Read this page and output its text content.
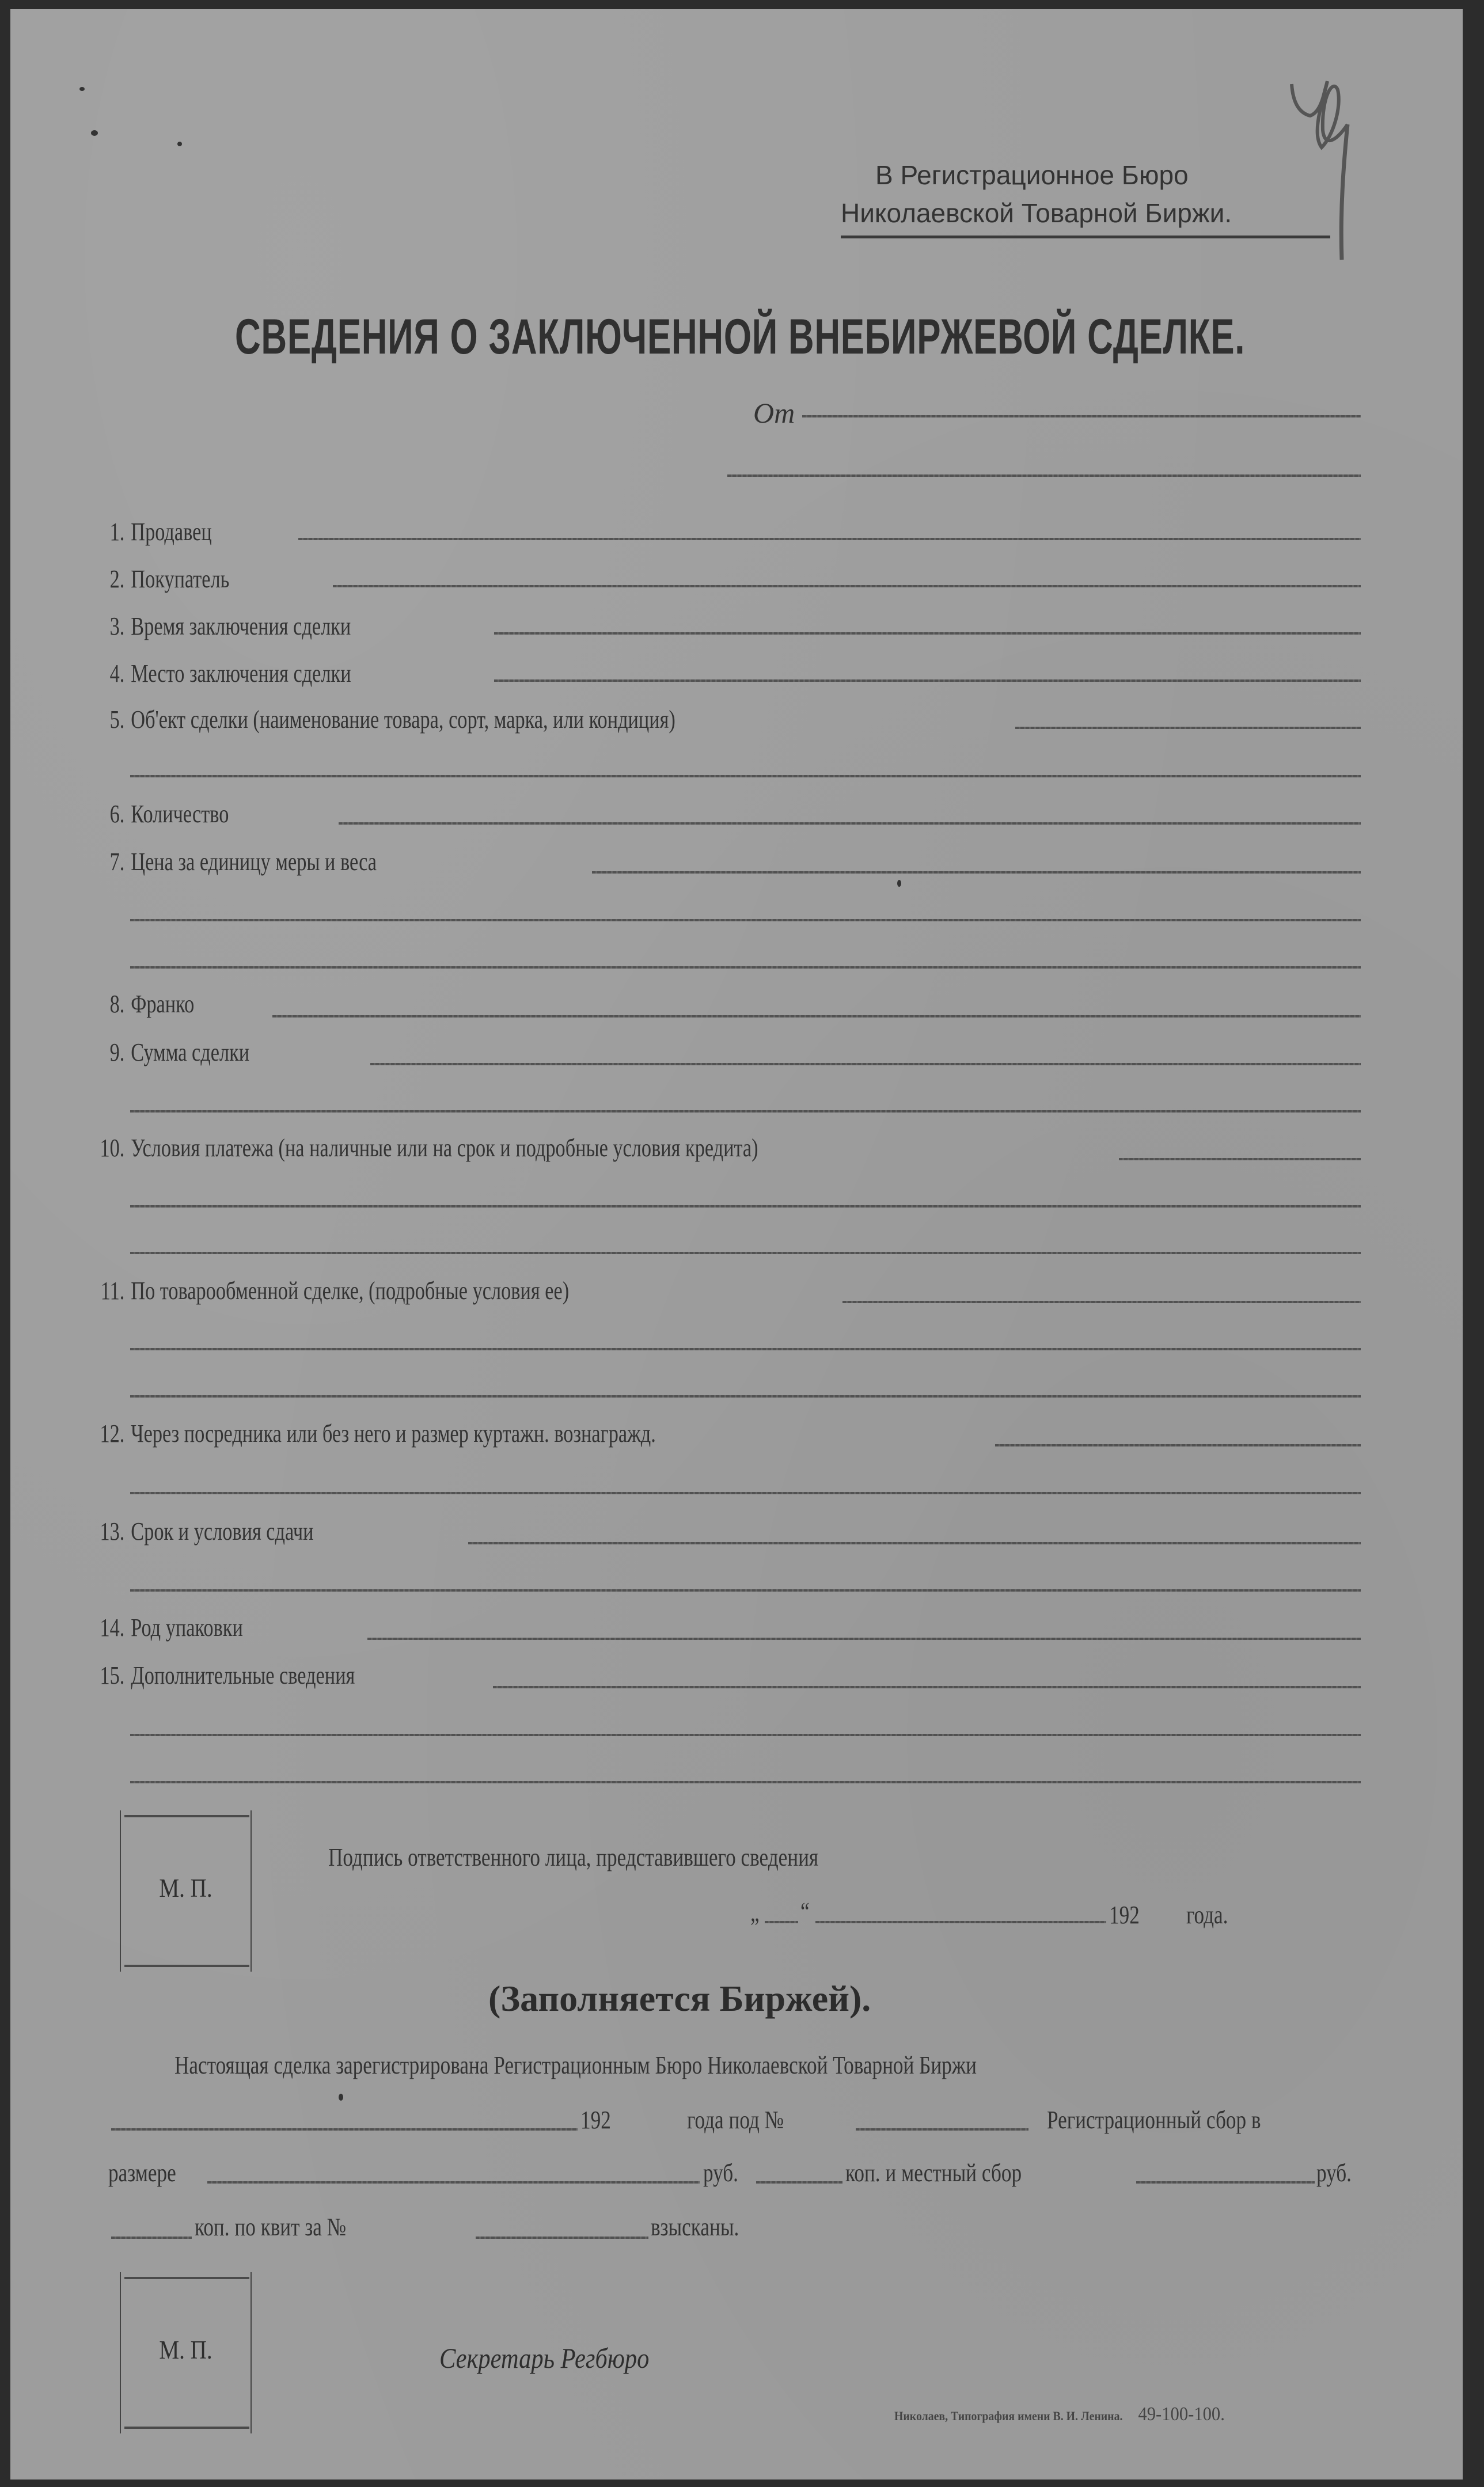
В Регистрационное Бюро
Николаевской Товарной Биржи.
СВЕДЕНИЯ О ЗАКЛЮЧЕННОЙ ВНЕБИРЖЕВОЙ СДЕЛКЕ.
От
1. Продавец
2. Покупатель
3. Время заключения сделки
4. Место заключения сделки
5. Об'ект сделки (наименование товара, сорт, марка, или кондиция)
6. Количество
7. Цена за единицу меры и веса
8. Франко
9. Сумма сделки
10. Условия платежа (на наличные или на срок и подробные условия кредита)
11. По товарообменной сделке, (подробные условия ее)
12. Через посредника или без него и размер куртажн. вознагражд.
13. Срок и условия сдачи
14. Род упаковки
15. Дополнительные сведения
М. П.
Подпись ответственного лица, представившего сведения
„ “	192 года.
(Заполняется Биржей).
Настоящая сделка зарегистрирована Регистрационным Бюро Николаевской Товарной Биржи
192	года под №	Регистрационный сбор в
размере	руб.	коп. и местный сбор	руб.
коп. по квит за №	взысканы.
М. П.	Секретарь Регбюро
Николаев, Типография имени В. И. Ленина. 49-100-100.
